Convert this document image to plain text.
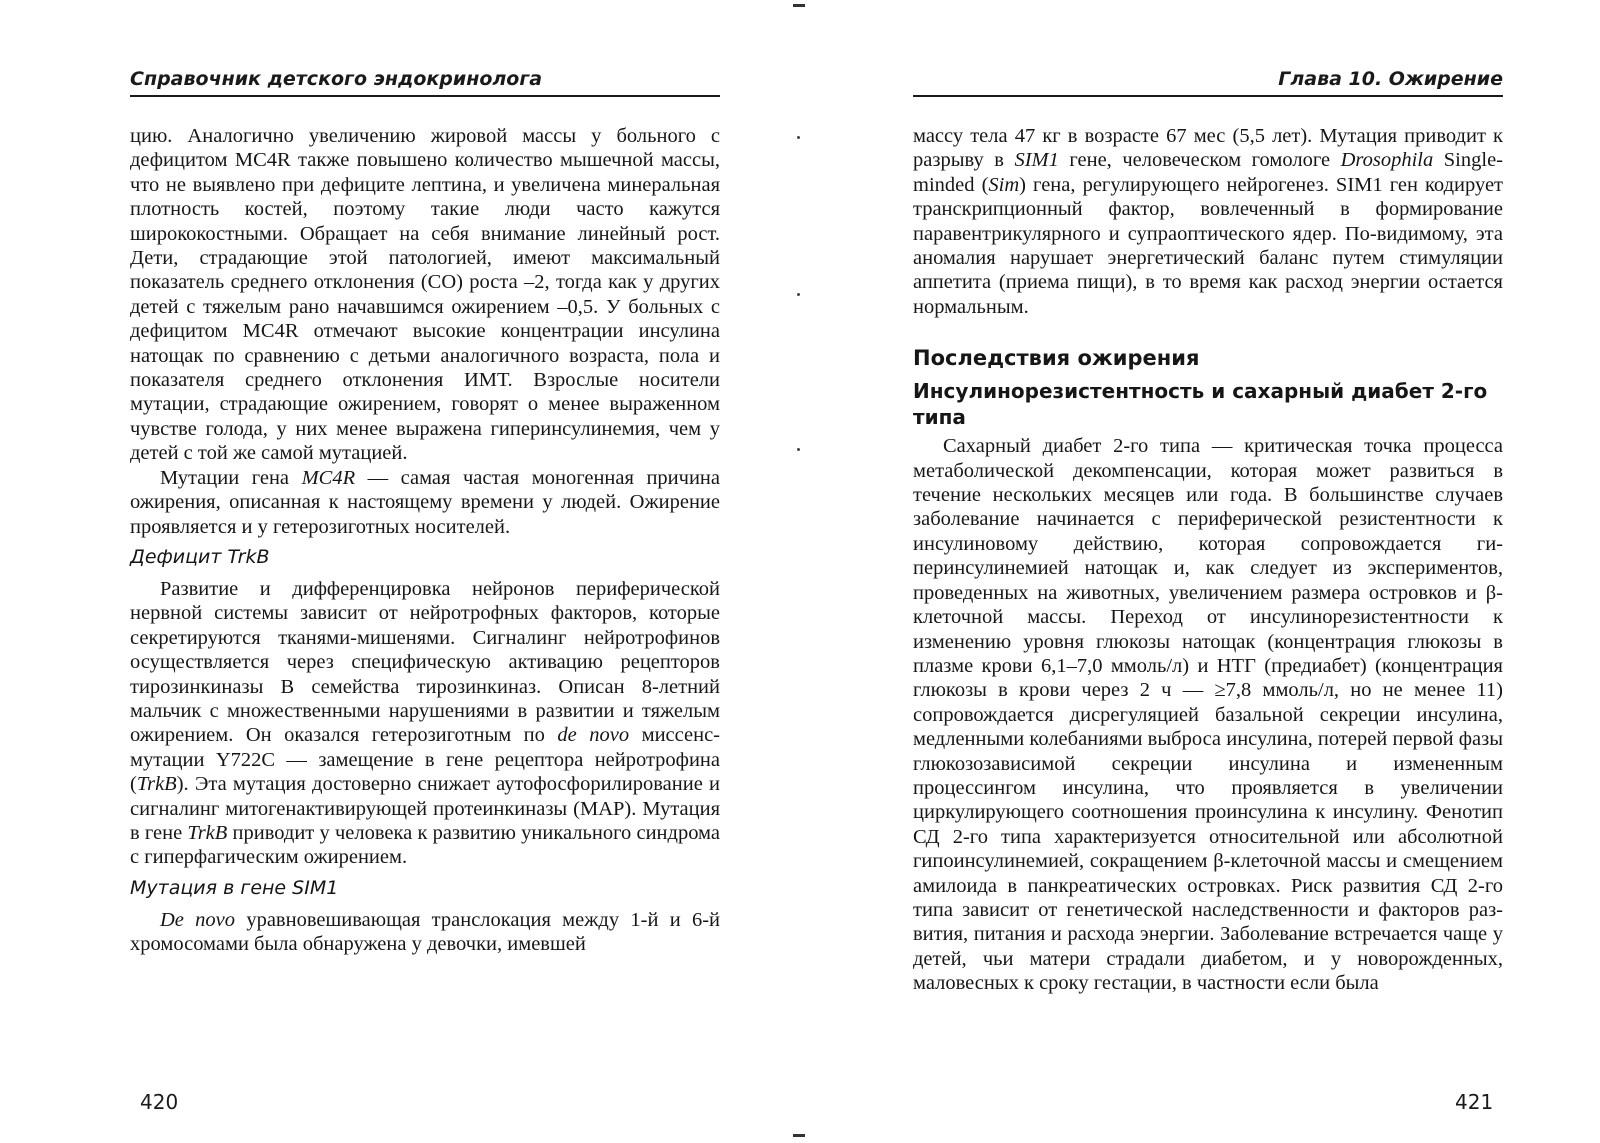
Справочник детского эндокринолога

цию. Аналогично увеличению жировой массы у больного с дефицитом MC4R также повышено количество мышечной массы, что не выявлено при дефиците лептина, и увеличена минеральная плотность костей, поэтому такие люди часто кажутся ширококостными. Обращает на себя внимание линейный рост. Дети, страдающие этой патологией, имеют максимальный показатель среднего отклонения (СО) роста –2, тогда как у других детей с тяжелым рано начавшимся ожирением –0,5. У больных с дефицитом MC4R отмечают высокие концентрации инсулина натощак по сравнению с детьми аналогичного возраста, пола и показателя среднего отклонения ИМТ. Взрослые носители мутации, страдающие ожирением, говорят о менее выраженном чувстве голода, у них менее выражена гиперинсулинемия, чем у детей с той же самой мутацией.

Мутации гена MC4R — самая частая моногенная причина ожирения, описанная к настоящему времени у людей. Ожирение проявляется и у гетерозиготных носителей.

Дефицит TrkB

Развитие и дифференцировка нейронов периферической нервной системы зависит от нейротрофных факторов, которые секретируются тканями-мишенями. Сигналинг нейротрофинов осуществляется через специфическую активацию рецепторов тирозинкиназы B семейства тирозинкиназ. Описан 8-летний мальчик с множественными нарушениями в развитии и тяжелым ожирением. Он оказался гетерозиготным по de novo миссенс-мутации Y722C — замещение в гене рецептора нейротрофина (TrkB). Эта мутация достоверно снижает аутофосфорилирование и сигналинг митогенактивирующей протеинкиназы (MAP). Мутация в гене TrkB приводит у человека к развитию уникального синдрома с гиперфагическим ожирением.

Мутация в гене SIM1

De novo уравновешивающая транслокация между 1-й и 6-й хромосомами была обнаружена у девочки, имевшей

420
Глава 10. Ожирение

массу тела 47 кг в возрасте 67 мес (5,5 лет). Мутация приводит к разрыву в SIM1 гене, человеческом гомологе Drosophila Single-minded (Sim) гена, регулирующего нейрогенез. SIM1 ген кодирует транскрипционный фактор, вовлеченный в формирование паравентрикулярного и супраоптического ядер. По-видимому, эта аномалия нарушает энергетический баланс путем стимуляции аппетита (приема пищи), в то время как расход энергии остается нормальным.

Последствия ожирения
Инсулинорезистентность и сахарный диабет 2-го типа

Сахарный диабет 2-го типа — критическая точка процесса метаболической декомпенсации, которая может развиться в течение нескольких месяцев или года. В большинстве случаев заболевание начинается с периферической резистентности к инсулиновому действию, которая сопровождается гиперинсулинемией натощак и, как следует из экспериментов, проведенных на животных, увеличением размера островков и β-клеточной массы. Переход от инсулинорезистентности к изменению уровня глюкозы натощак (концентрация глюкозы в плазме крови 6,1–7,0 ммоль/л) и НТГ (предиабет) (концентрация глюкозы в крови через 2 ч — ≥7,8 ммоль/л, но не менее 11) сопровождается дисрегуляцией базальной секреции инсулина, медленными колебаниями выброса инсулина, потерей первой фазы глюкозозависимой секреции инсулина и измененным процессингом инсулина, что проявляется в увеличении циркулирующего соотношения проинсулина к инсулину. Фенотип СД 2-го типа характеризуется относительной или абсолютной гипоинсулинемией, сокращением β-клеточной массы и смещением амилоида в панкреатических островках. Риск развития СД 2-го типа зависит от генетической наследственности и факторов развития, питания и расхода энергии. Заболевание встречается чаще у детей, чьи матери страдали диабетом, и у новорожденных, маловесных к сроку гестации, в частности если была

421
